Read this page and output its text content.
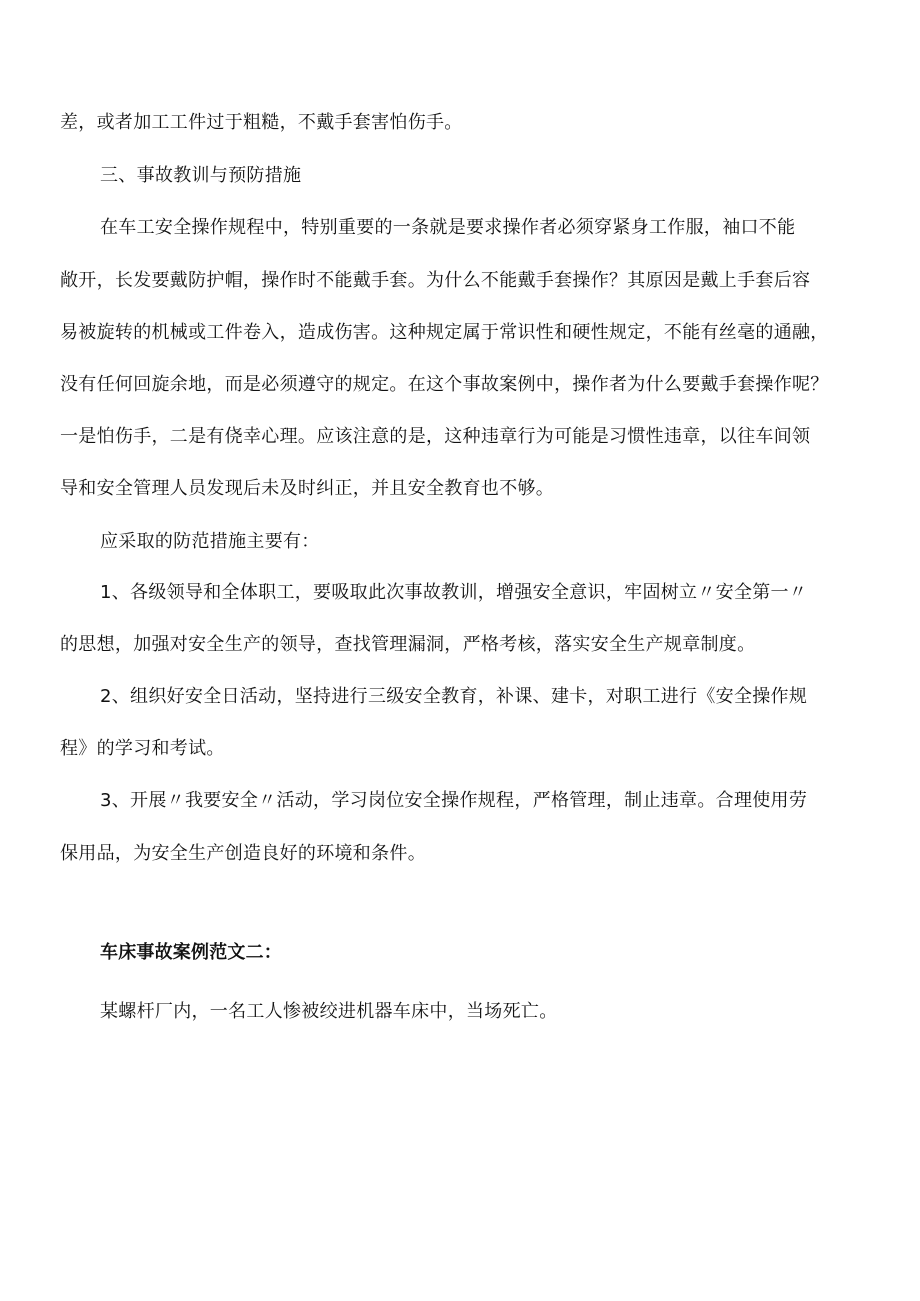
差，或者加工工件过于粗糙，不戴手套害怕伤手。
三、事故教训与预防措施
在车工安全操作规程中，特别重要的一条就是要求操作者必须穿紧身工作服，袖口不能
敞开，长发要戴防护帽，操作时不能戴手套。为什么不能戴手套操作？其原因是戴上手套后容
易被旋转的机械或工件卷入，造成伤害。这种规定属于常识性和硬性规定，不能有丝毫的通融，
没有任何回旋余地，而是必须遵守的规定。在这个事故案例中，操作者为什么要戴手套操作呢？
一是怕伤手，二是有侥幸心理。应该注意的是，这种违章行为可能是习惯性违章，以往车间领
导和安全管理人员发现后未及时纠正，并且安全教育也不够。
应采取的防范措施主要有：
1、各级领导和全体职工，要吸取此次事故教训，增强安全意识，牢固树立〃安全第一〃
的思想，加强对安全生产的领导，查找管理漏洞，严格考核，落实安全生产规章制度。
2、组织好安全日活动，坚持进行三级安全教育，补课、建卡，对职工进行《安全操作规
程》的学习和考试。
3、开展〃我要安全〃活动，学习岗位安全操作规程，严格管理，制止违章。合理使用劳
保用品，为安全生产创造良好的环境和条件。
车床事故案例范文二：
某螺杆厂内，一名工人惨被绞进机器车床中，当场死亡。
